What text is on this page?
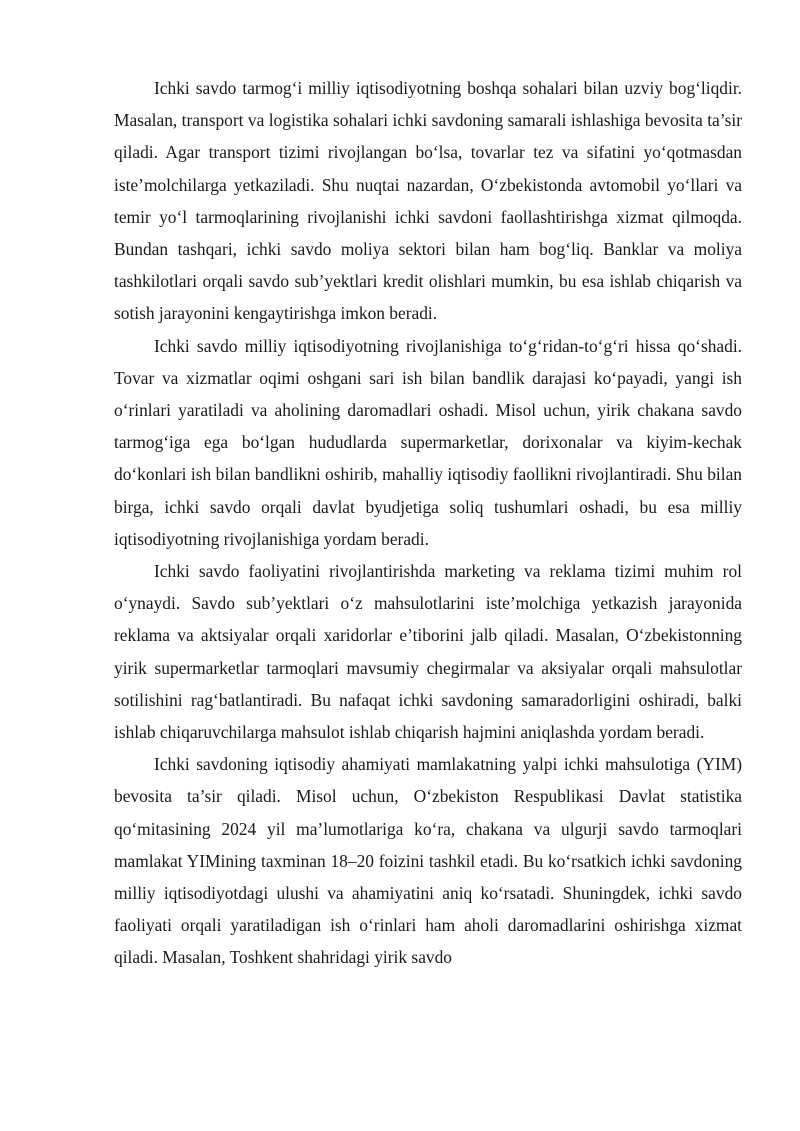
Ichki savdo tarmog‘i milliy iqtisodiyotning boshqa sohalari bilan uzviy bog‘liqdir. Masalan, transport va logistika sohalari ichki savdoning samarali ishlashiga bevosita ta’sir qiladi. Agar transport tizimi rivojlangan bo‘lsa, tovarlar tez va sifatini yo‘qotmasdan iste’molchilarga yetkaziladi. Shu nuqtai nazardan, O‘zbekistonda avtomobil yo‘llari va temir yo‘l tarmoqlarining rivojlanishi ichki savdoni faollashtirishga xizmat qilmoqda. Bundan tashqari, ichki savdo moliya sektori bilan ham bog‘liq. Banklar va moliya tashkilotlari orqali savdo sub’yektlari kredit olishlari mumkin, bu esa ishlab chiqarish va sotish jarayonini kengaytirishga imkon beradi.

Ichki savdo milliy iqtisodiyotning rivojlanishiga to‘g‘ridan-to‘g‘ri hissa qo‘shadi. Tovar va xizmatlar oqimi oshgani sari ish bilan bandlik darajasi ko‘payadi, yangi ish o‘rinlari yaratiladi va aholining daromadlari oshadi. Misol uchun, yirik chakana savdo tarmog‘iga ega bo‘lgan hududlarda supermarketlar, dorixonalar va kiyim-kechak do‘konlari ish bilan bandlikni oshirib, mahalliy iqtisodiy faollikni rivojlantiradi. Shu bilan birga, ichki savdo orqali davlat byudjetiga soliq tushumlari oshadi, bu esa milliy iqtisodiyotning rivojlanishiga yordam beradi.

Ichki savdo faoliyatini rivojlantirishda marketing va reklama tizimi muhim rol o‘ynaydi. Savdo sub’yektlari o‘z mahsulotlarini iste’molchiga yetkazish jarayonida reklama va aktsiyalar orqali xaridorlar e’tiborini jalb qiladi. Masalan, O‘zbekistonning yirik supermarketlar tarmoqlari mavsumiy chegirmalar va aksiyalar orqali mahsulotlar sotilishini rag‘batlantiradi. Bu nafaqat ichki savdoning samaradorligini oshiradi, balki ishlab chiqaruvchilarga mahsulot ishlab chiqarish hajmini aniqlashda yordam beradi.

Ichki savdoning iqtisodiy ahamiyati mamlakatning yalpi ichki mahsulotiga (YIM) bevosita ta’sir qiladi. Misol uchun, O‘zbekiston Respublikasi Davlat statistika qo‘mitasining 2024 yil ma’lumotlariga ko‘ra, chakana va ulgurji savdo tarmoqlari mamlakat YIMining taxminan 18–20 foizini tashkil etadi. Bu ko‘rsatkich ichki savdoning milliy iqtisodiyotdagi ulushi va ahamiyatini aniq ko‘rsatadi. Shuningdek, ichki savdo faoliyati orqali yaratiladigan ish o‘rinlari ham aholi daromadlarini oshirishga xizmat qiladi. Masalan, Toshkent shahridagi yirik savdo
